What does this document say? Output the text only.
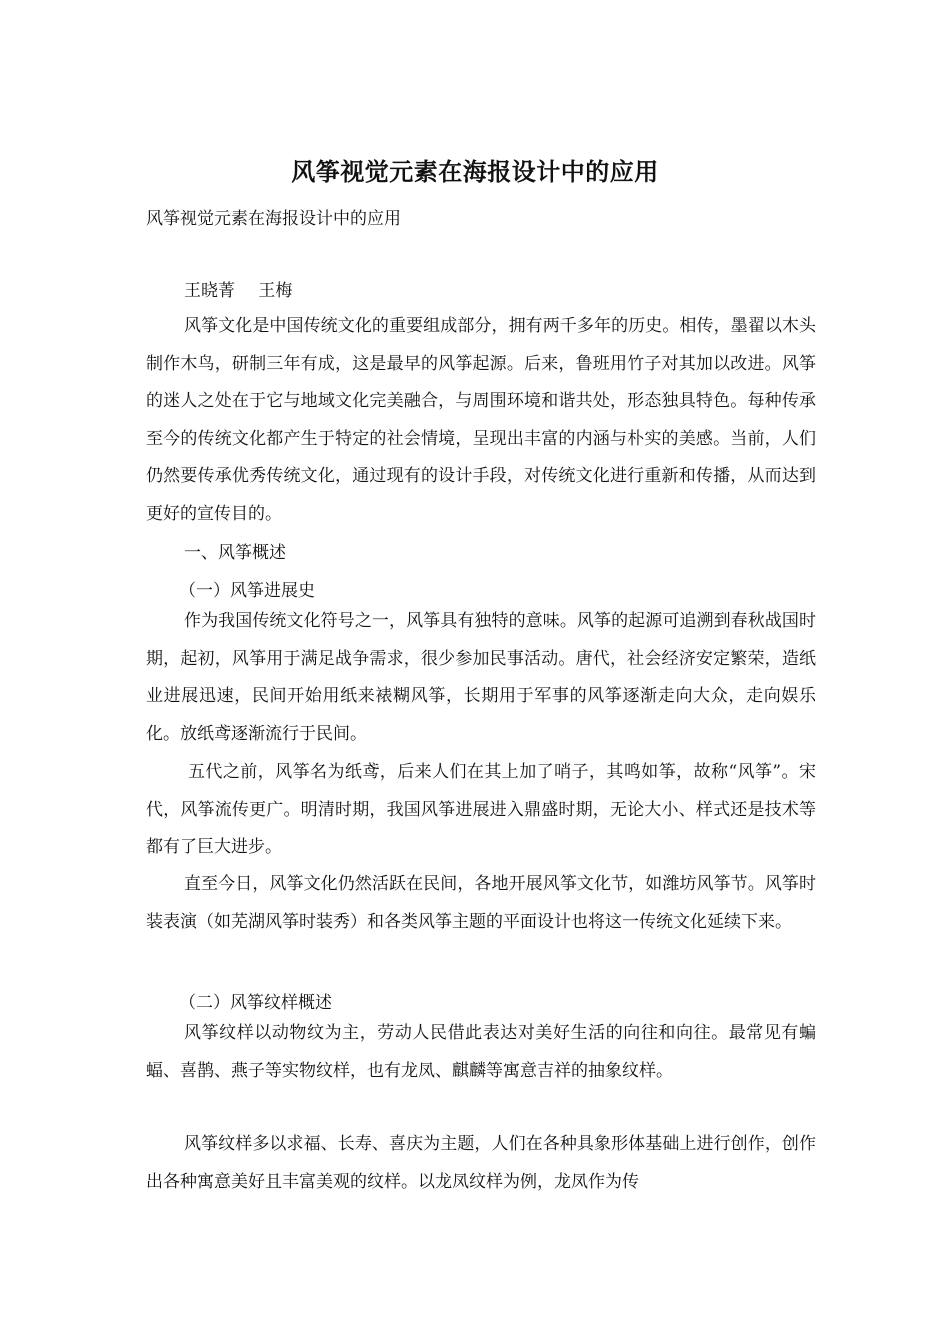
风筝视觉元素在海报设计中的应用
风筝视觉元素在海报设计中的应用
王晓菁 王梅

风筝文化是中国传统文化的重要组成部分，拥有两千多年的历史。相传，墨翟以木头制作木鸟，研制三年有成，这是最早的风筝起源。后来，鲁班用竹子对其加以改进。风筝的迷人之处在于它与地域文化完美融合，与周围环境和谐共处，形态独具特色。每种传承至今的传统文化都产生于特定的社会情境，呈现出丰富的内涵与朴实的美感。当前，人们仍然要传承优秀传统文化，通过现有的设计手段，对传统文化进行重新和传播，从而达到更好的宣传目的。

一、风筝概述

（一）风筝进展史

作为我国传统文化符号之一，风筝具有独特的意味。风筝的起源可追溯到春秋战国时期，起初，风筝用于满足战争需求，很少参加民事活动。唐代，社会经济安定繁荣，造纸业进展迅速，民间开始用纸来裱糊风筝，长期用于军事的风筝逐渐走向大众，走向娱乐化。放纸鸢逐渐流行于民间。

五代之前，风筝名为纸鸢，后来人们在其上加了哨子，其鸣如筝，故称“风筝”。宋代，风筝流传更广。明清时期，我国风筝进展进入鼎盛时期，无论大小、样式还是技术等都有了巨大进步。

直至今日，风筝文化仍然活跃在民间，各地开展风筝文化节，如潍坊风筝节。风筝时装表演（如芜湖风筝时装秀）和各类风筝主题的平面设计也将这一传统文化延续下来。

（二）风筝纹样概述

风筝纹样以动物纹为主，劳动人民借此表达对美好生活的向往和向往。最常见有蝙蝠、喜鹊、燕子等实物纹样，也有龙凤、麒麟等寓意吉祥的抽象纹样。

风筝纹样多以求福、长寿、喜庆为主题，人们在各种具象形体基础上进行创作，创作出各种寓意美好且丰富美观的纹样。以龙凤纹样为例，龙凤作为传
